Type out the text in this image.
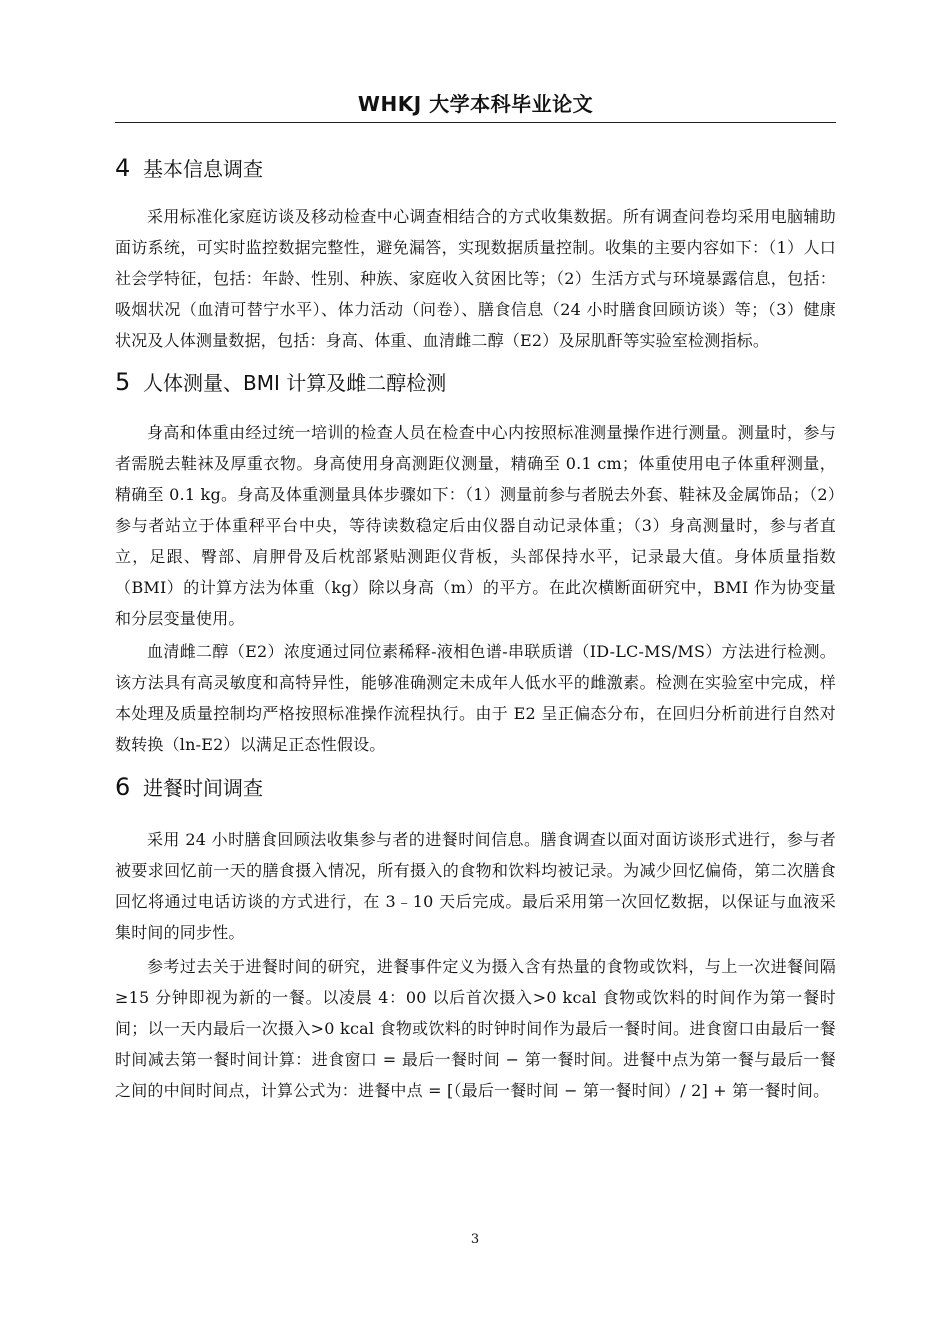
WHKJ 大学本科毕业论文
4 基本信息调查

采用标准化家庭访谈及移动检查中心调查相结合的方式收集数据。所有调查问卷均采用电脑辅助面访系统，可实时监控数据完整性，避免漏答，实现数据质量控制。收集的主要内容如下：（1）人口社会学特征，包括：年龄、性别、种族、家庭收入贫困比等；（2）生活方式与环境暴露信息，包括：吸烟状况（血清可替宁水平）、体力活动（问卷）、膳食信息（24 小时膳食回顾访谈）等；（3）健康状况及人体测量数据，包括：身高、体重、血清雌二醇（E2）及尿肌酐等实验室检测指标。

5 人体测量、BMI 计算及雌二醇检测

身高和体重由经过统一培训的检查人员在检查中心内按照标准测量操作进行测量。测量时，参与者需脱去鞋袜及厚重衣物。身高使用身高测距仪测量，精确至 0.1 cm；体重使用电子体重秤测量，精确至 0.1 kg。身高及体重测量具体步骤如下：（1）测量前参与者脱去外套、鞋袜及金属饰品；（2）参与者站立于体重秤平台中央，等待读数稳定后由仪器自动记录体重；（3）身高测量时，参与者直立，足跟、臀部、肩胛骨及后枕部紧贴测距仪背板，头部保持水平，记录最大值。身体质量指数（BMI）的计算方法为体重（kg）除以身高（m）的平方。在此次横断面研究中，BMI 作为协变量和分层变量使用。

血清雌二醇（E2）浓度通过同位素稀释-液相色谱-串联质谱（ID-LC-MS/MS）方法进行检测。该方法具有高灵敏度和高特异性，能够准确测定未成年人低水平的雌激素。检测在实验室中完成，样本处理及质量控制均严格按照标准操作流程执行。由于 E2 呈正偏态分布，在回归分析前进行自然对数转换（ln-E2）以满足正态性假设。

6 进餐时间调查

采用 24 小时膳食回顾法收集参与者的进餐时间信息。膳食调查以面对面访谈形式进行，参与者被要求回忆前一天的膳食摄入情况，所有摄入的食物和饮料均被记录。为减少回忆偏倚，第二次膳食回忆将通过电话访谈的方式进行，在 3﹣10 天后完成。最后采用第一次回忆数据，以保证与血液采集时间的同步性。

参考过去关于进餐时间的研究，进餐事件定义为摄入含有热量的食物或饮料，与上一次进餐间隔≥15 分钟即视为新的一餐。以凌晨 4：00 以后首次摄入>0 kcal 食物或饮料的时间作为第一餐时间；以一天内最后一次摄入>0 kcal 食物或饮料的时钟时间作为最后一餐时间。进食窗口由最后一餐时间减去第一餐时间计算：进食窗口 = 最后一餐时间 − 第一餐时间。进餐中点为第一餐与最后一餐之间的中间时间点，计算公式为：进餐中点 = [（最后一餐时间 − 第一餐时间）/ 2] + 第一餐时间。

3
